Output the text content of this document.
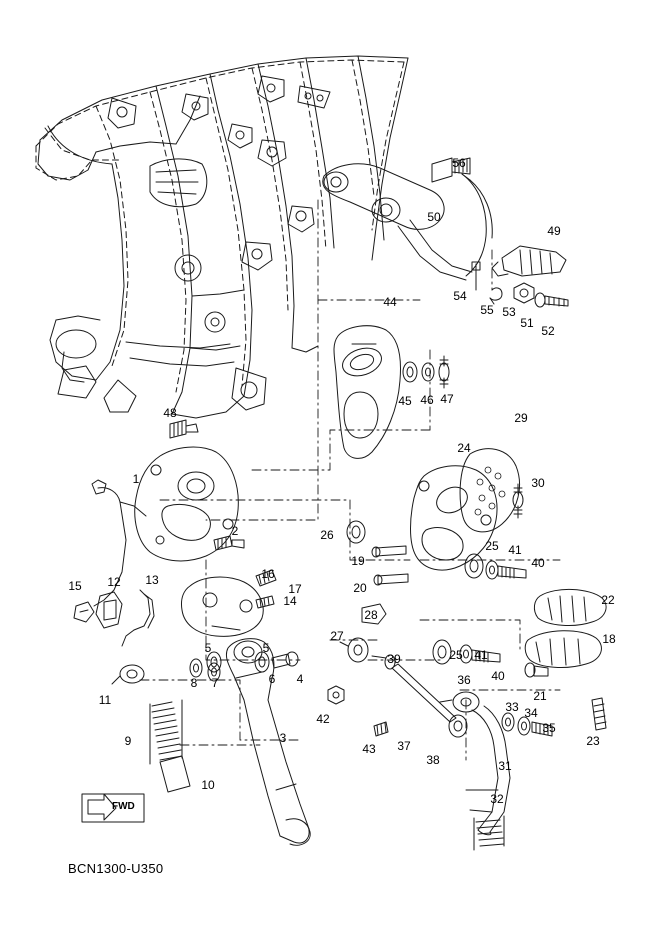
FWD
BCN1300-U350
56
50
49
54
55 53
51
52
44
45 46 47
48	29
24
1	30
2	26
25 41
19	40
16
17	20
22
15 12 13
14
28
18
27
5	5
39	25 41
40
11
8 7	6 4	36
21
42
33 34
35
23
9
43 37
38
3
10
31
32
